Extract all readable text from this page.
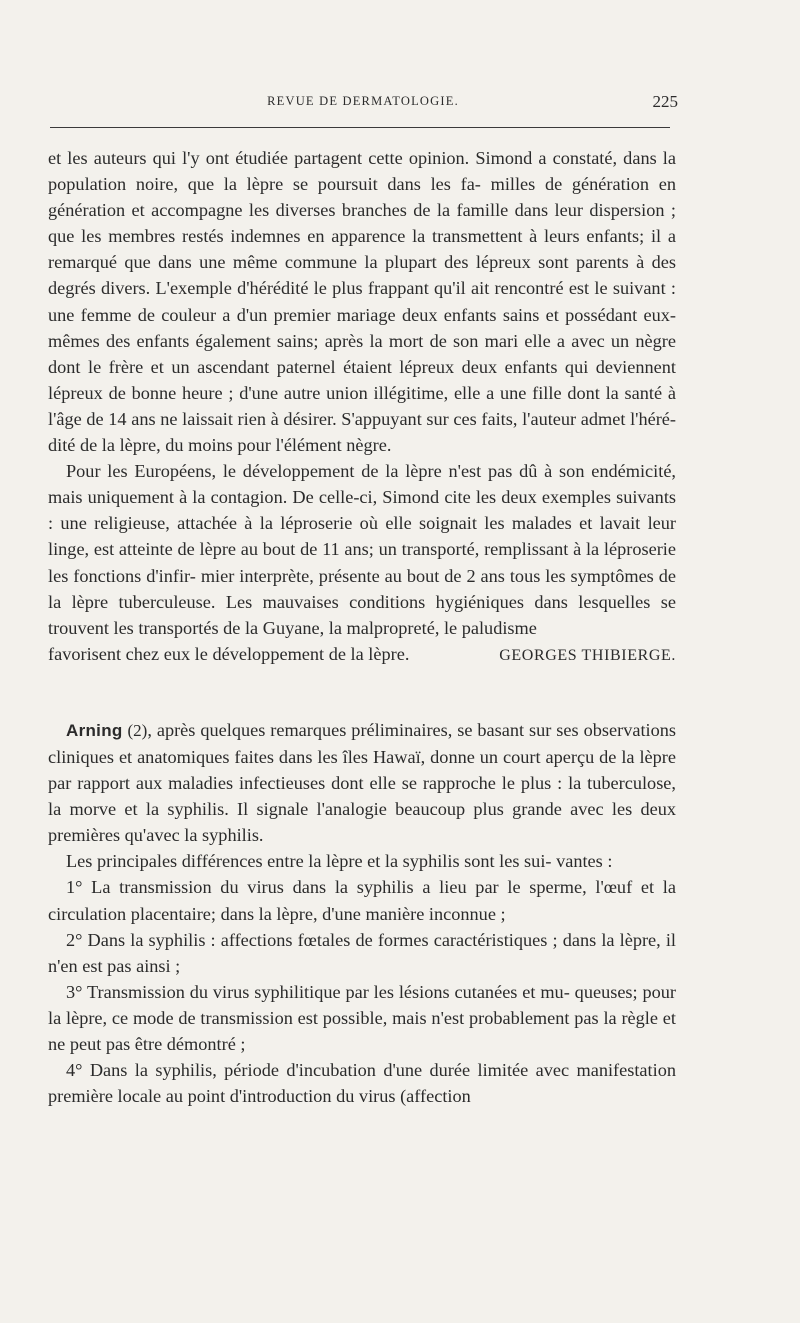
REVUE DE DERMATOLOGIE.	225

et les auteurs qui l'y ont étudiée partagent cette opinion. Simond a constaté, dans la population noire, que la lèpre se poursuit dans les fa- milles de génération en génération et accompagne les diverses branches de la famille dans leur dispersion ; que les membres restés indemnes en apparence la transmettent à leurs enfants; il a remarqué que dans une même commune la plupart des lépreux sont parents à des degrés divers. L'exemple d'hérédité le plus frappant qu'il ait rencontré est le suivant : une femme de couleur a d'un premier mariage deux enfants sains et possédant eux-mêmes des enfants également sains; après la mort de son mari elle a avec un nègre dont le frère et un ascendant paternel étaient lépreux deux enfants qui deviennent lépreux de bonne heure ; d'une autre union illégitime, elle a une fille dont la santé à l'âge de 14 ans ne laissait rien à désirer. S'appuyant sur ces faits, l'auteur admet l'héré- dité de la lèpre, du moins pour l'élément nègre.

Pour les Européens, le développement de la lèpre n'est pas dû à son endémicité, mais uniquement à la contagion. De celle-ci, Simond cite les deux exemples suivants : une religieuse, attachée à la léproserie où elle soignait les malades et lavait leur linge, est atteinte de lèpre au bout de 11 ans; un transporté, remplissant à la léproserie les fonctions d'infir- mier interprète, présente au bout de 2 ans tous les symptômes de la lèpre tuberculeuse. Les mauvaises conditions hygiéniques dans lesquelles se trouvent les transportés de la Guyane, la malpropreté, le paludisme

favorisent chez eux le développement de la lèpre.	GEORGES THIBIERGE.

Arning (2), après quelques remarques préliminaires, se basant sur ses observations cliniques et anatomiques faites dans les îles Hawaï, donne un court aperçu de la lèpre par rapport aux maladies infectieuses dont elle se rapproche le plus : la tuberculose, la morve et la syphilis. Il signale l'analogie beaucoup plus grande avec les deux premières qu'avec la syphilis.

Les principales différences entre la lèpre et la syphilis sont les sui- vantes :

1° La transmission du virus dans la syphilis a lieu par le sperme, l'œuf et la circulation placentaire; dans la lèpre, d'une manière inconnue ;

2° Dans la syphilis : affections fœtales de formes caractéristiques ; dans la lèpre, il n'en est pas ainsi ;

3° Transmission du virus syphilitique par les lésions cutanées et mu- queuses; pour la lèpre, ce mode de transmission est possible, mais n'est probablement pas la règle et ne peut pas être démontré ;

4° Dans la syphilis, période d'incubation d'une durée limitée avec manifestation première locale au point d'introduction du virus (affection
